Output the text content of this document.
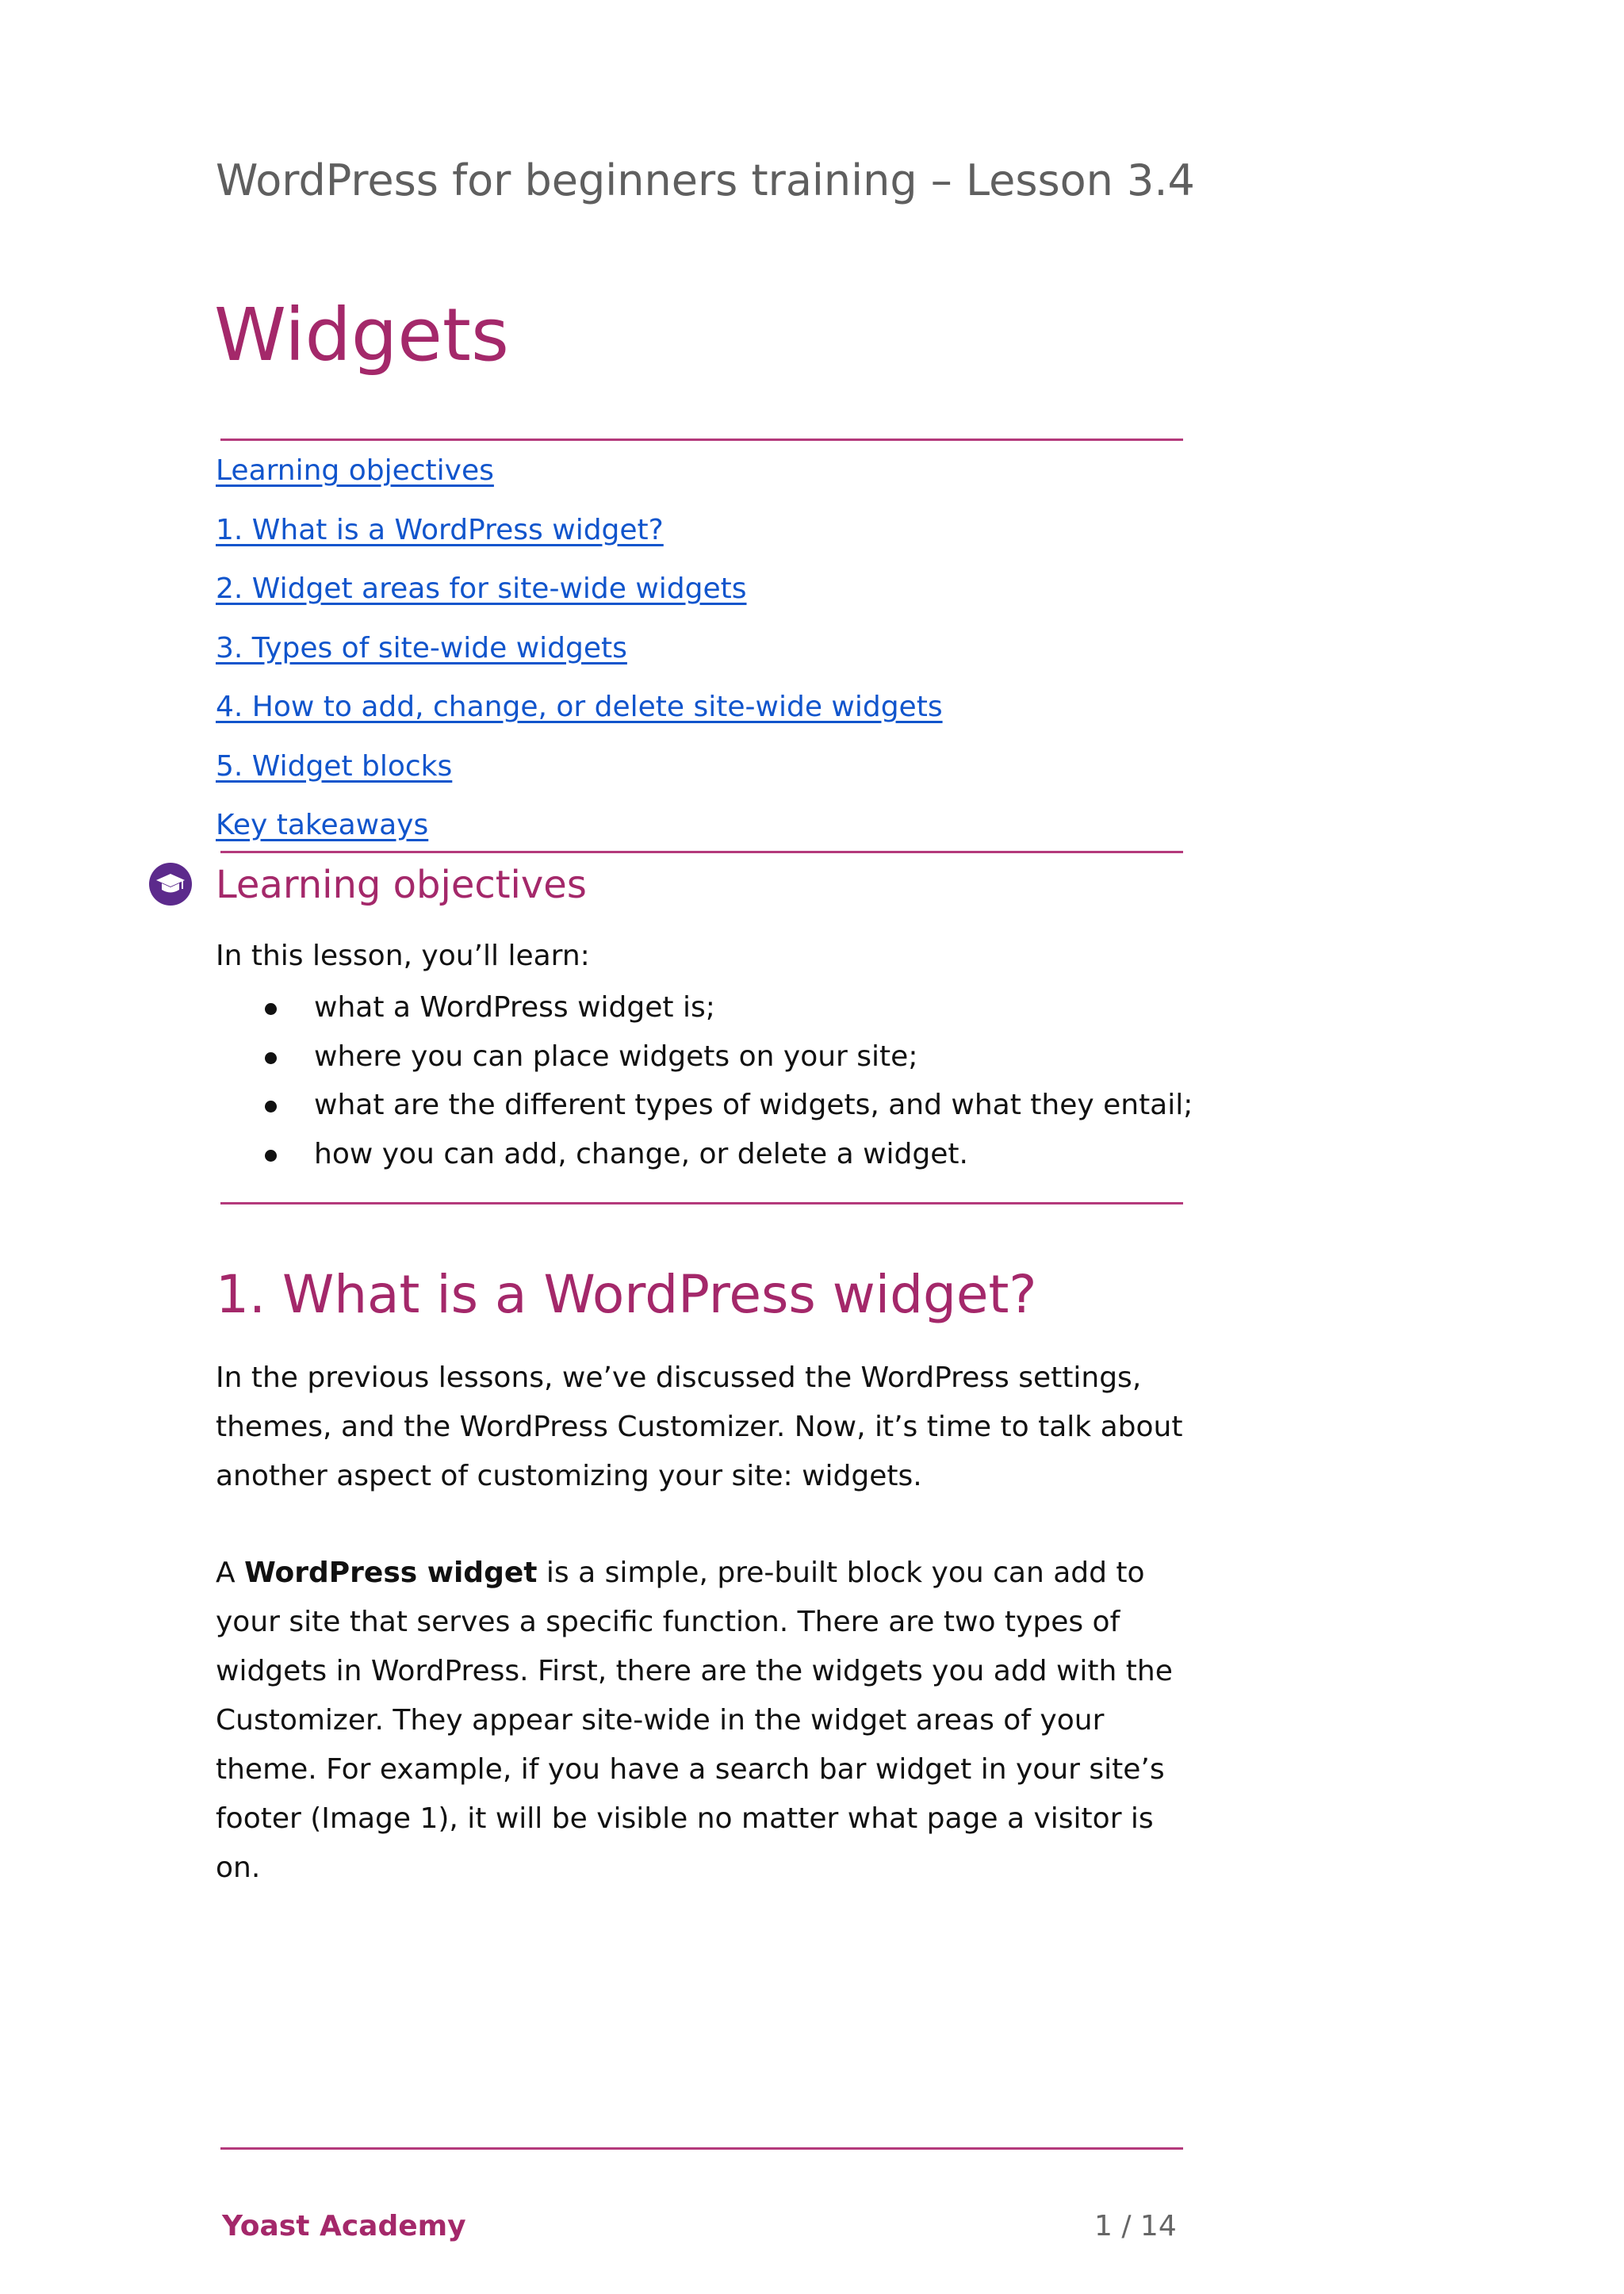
WordPress for beginners training – Lesson 3.4
Widgets
Learning objectives
1. What is a WordPress widget?
2. Widget areas for site-wide widgets
3. Types of site-wide widgets
4. How to add, change, or delete site-wide widgets
5. Widget blocks
Key takeaways
Learning objectives
In this lesson, you’ll learn:
what a WordPress widget is;
where you can place widgets on your site;
what are the different types of widgets, and what they entail;
how you can add, change, or delete a widget.
1. What is a WordPress widget?

In the previous lessons, we’ve discussed the WordPress settings, themes, and the WordPress Customizer. Now, it’s time to talk about another aspect of customizing your site: widgets.

A WordPress widget is a simple, pre-built block you can add to your site that serves a specific function. There are two types of widgets in WordPress. First, there are the widgets you add with the Customizer. They appear site-wide in the widget areas of your theme. For example, if you have a search bar widget in your site’s footer (Image 1), it will be visible no matter what page a visitor is on.

Yoast Academy	1 / 14
